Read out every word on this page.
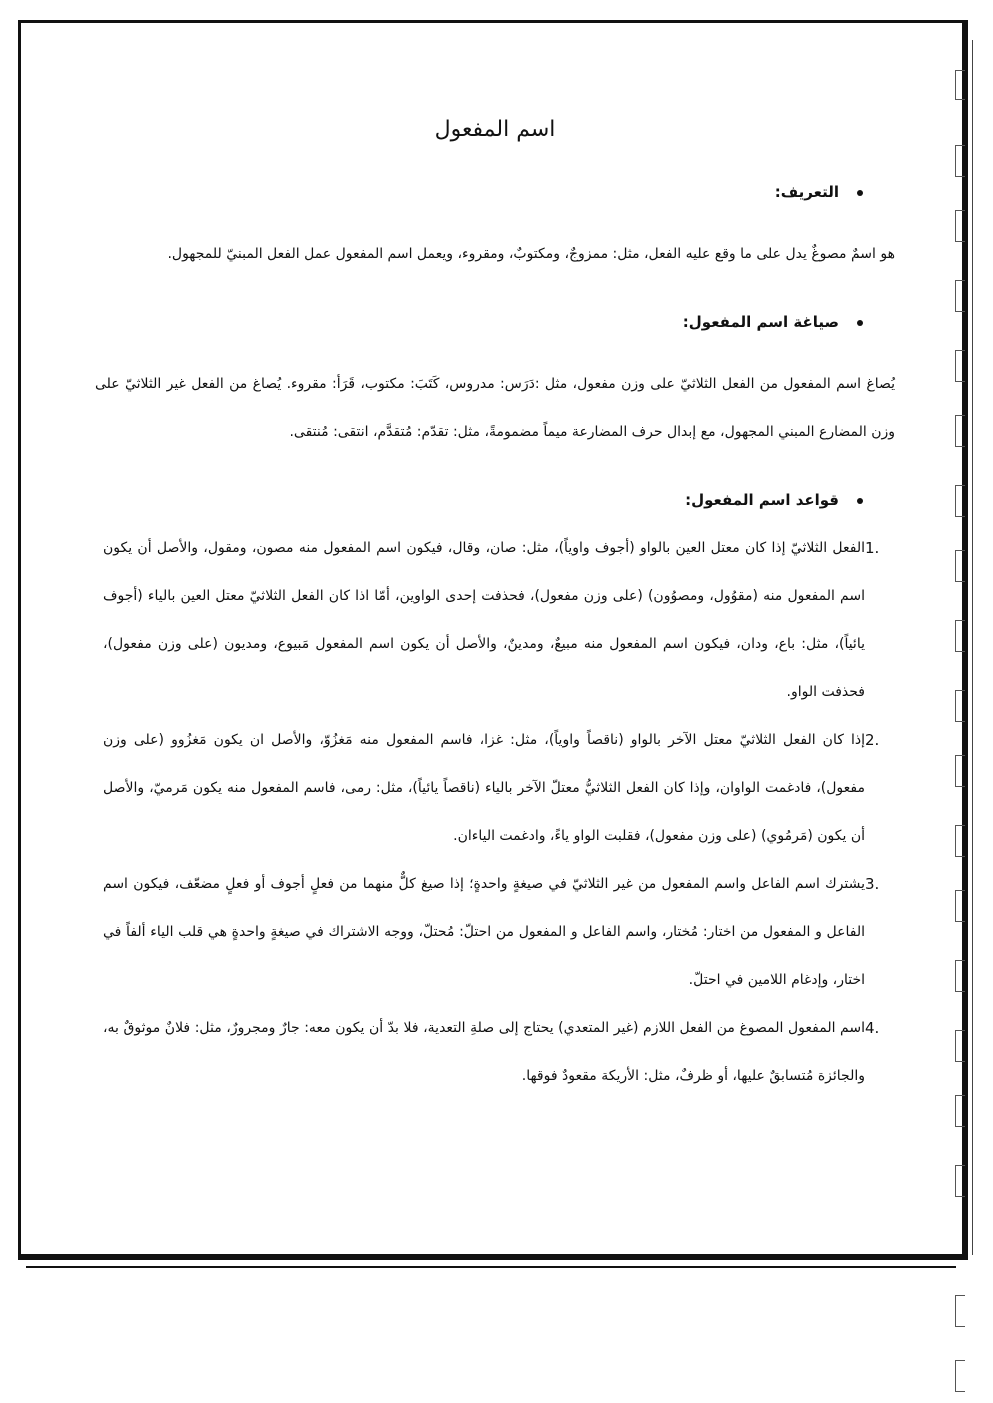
اسم المفعول

التعريف:

هو اسمٌ مصوغٌ يدل على ما وقع عليه الفعل، مثل: ممزوجٌ، ومكتوبٌ، ومقروء، ويعمل اسم المفعول عمل الفعل المبنيّ للمجهول.

صياغة اسم المفعول:

يُصاغ اسم المفعول من الفعل الثلاثيّ على وزن مفعول، مثل :دَرَس: مدروس، كَتَبَ: مكتوب، قَرَأ: مقروء. يُصاغ من الفعل غير الثلاثيّ على وزن المضارع المبني المجهول، مع إبدال حرف المضارعة ميماً مضمومةً، مثل: تقدّم: مُتقدَّم، انتقى: مُنتقى.

قواعد اسم المفعول:

1.
الفعل الثلاثيّ إذا كان معتل العين بالواو (أجوف واوياً)، مثل: صان، وقال، فيكون اسم المفعول منه مصون، ومقول، والأصل أن يكون اسم المفعول منه (مقوُول، ومصوُون) (على وزن مفعول)، فحذفت إحدى الواوين، أمّا اذا كان الفعل الثلاثيّ معتل العين بالياء (أجوف يائياً)، مثل: باع، ودان، فيكون اسم المفعول منه مبيعٌ، ومدينٌ، والأصل أن يكون اسم المفعول مَبيوع، ومديون (على وزن مفعول)، فحذفت الواو.
2.
إذا كان الفعل الثلاثيّ معتل الآخر بالواو (ناقصاً واوياً)، مثل: غزا، فاسم المفعول منه مَغزُوّ، والأصل ان يكون مَغزُوو (على وزن مفعول)، فادغمت الواوان، وإذا كان الفعل الثلاثيُّ معتلّ الآخر بالياء (ناقصاً يائياً)، مثل: رمى، فاسم المفعول منه يكون مَرميّ، والأصل أن يكون (مَرمُوي) (على وزن مفعول)، فقلبت الواو ياءً، وادغمت الياءان.
3.
يشترك اسم الفاعل واسم المفعول من غير الثلاثيّ في صيغةٍ واحدةٍ؛ إذا صيغ كلٌّ منهما من فعلٍ أجوف أو فعلٍ مضعّف، فيكون اسم الفاعل و المفعول من اختار: مُختار، واسم الفاعل و المفعول من احتلّ: مُحتلّ، ووجه الاشتراك في صيغةٍ واحدةٍ هي قلب الياء ألفاً في اختار، وإدغام اللامين في احتلّ.
4.
اسم المفعول المصوغ من الفعل اللازم (غير المتعدي) يحتاج إلى صلةِ التعدية، فلا بدّ أن يكون معه: جارٌ ومجرورٌ، مثل: فلانٌ موثوقٌ به، والجائزة مُتسابقٌ عليها، أو ظرفٌ، مثل: الأريكة مقعودٌ فوقها.
